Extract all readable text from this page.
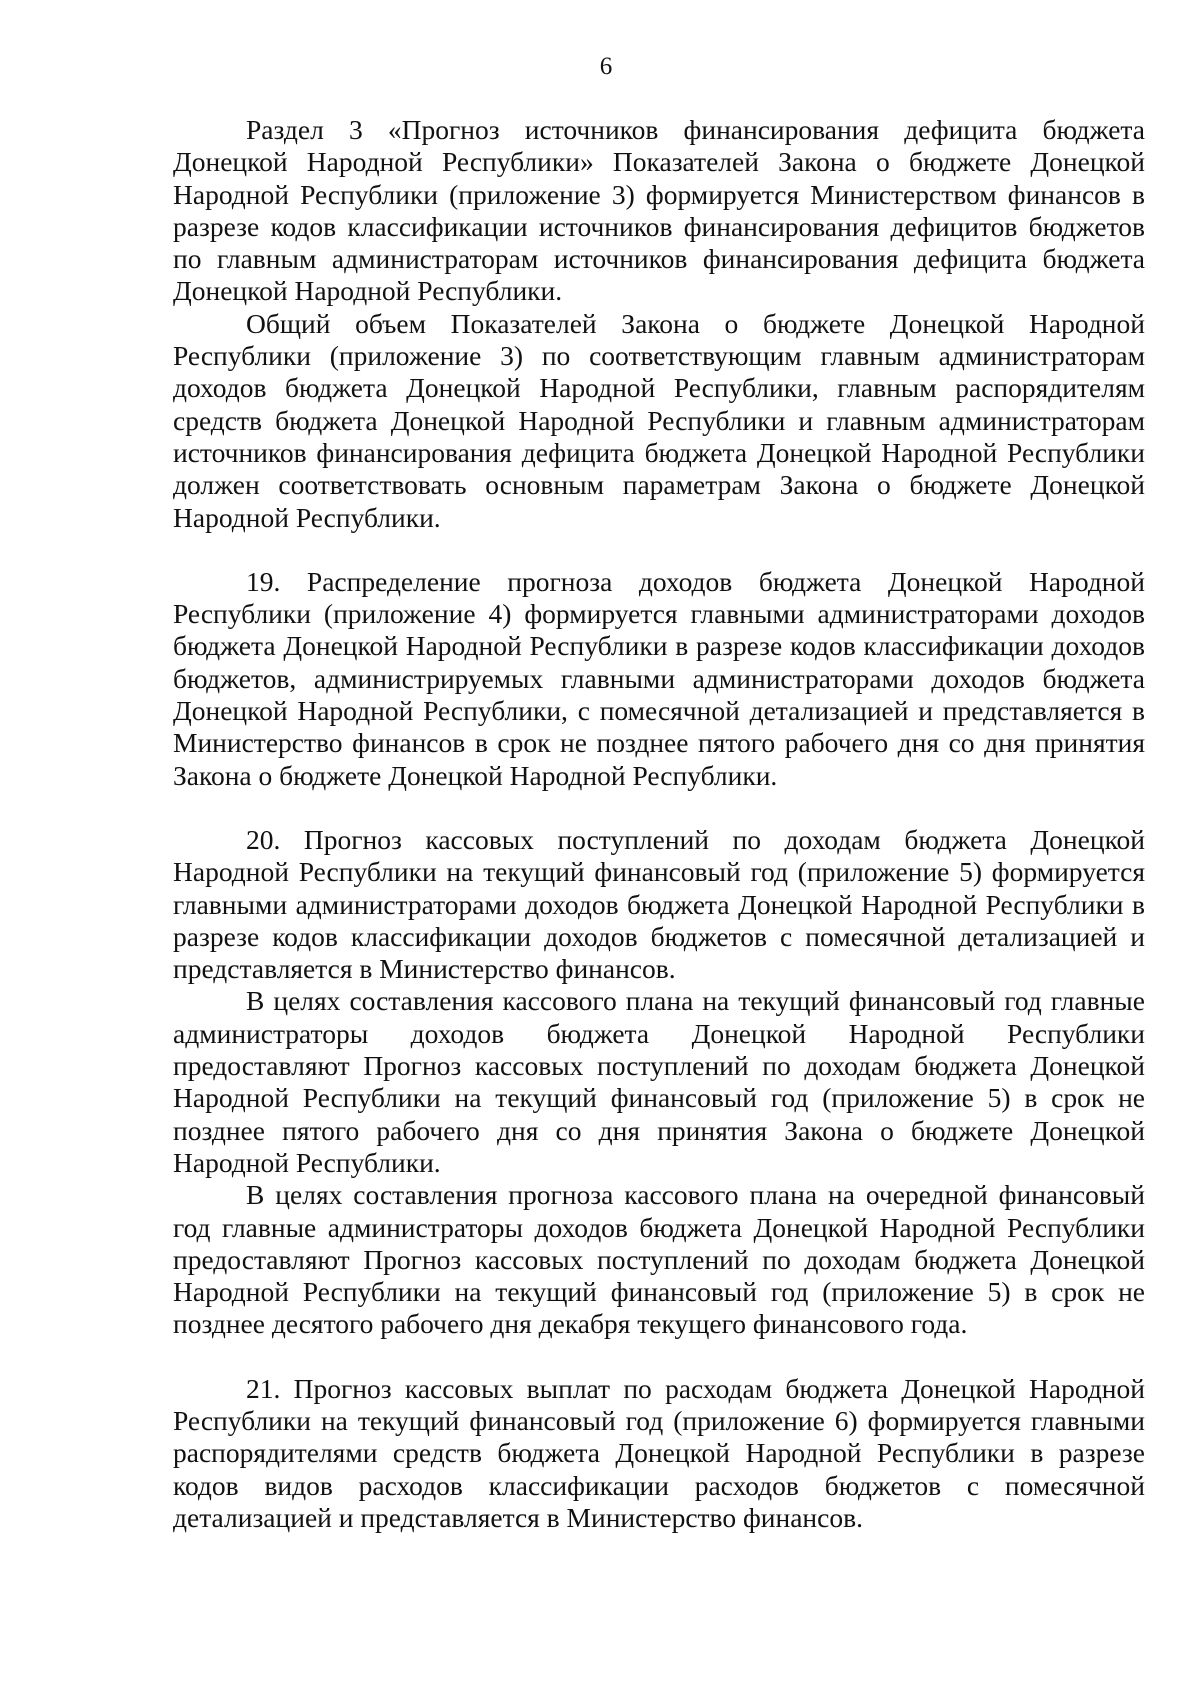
6

Раздел 3 «Прогноз источников финансирования дефицита бюджета Донецкой Народной Республики» Показателей Закона о бюджете Донецкой Народной Республики (приложение 3) формируется Министерством финансов в разрезе кодов классификации источников финансирования дефицитов бюджетов по главным администраторам источников финансирования дефицита бюджета Донецкой Народной Республики.

Общий объем Показателей Закона о бюджете Донецкой Народной Республики (приложение 3) по соответствующим главным администраторам доходов бюджета Донецкой Народной Республики, главным распорядителям средств бюджета Донецкой Народной Республики и главным администраторам источников финансирования дефицита бюджета Донецкой Народной Республики должен соответствовать основным параметрам Закона о бюджете Донецкой Народной Республики.

19. Распределение прогноза доходов бюджета Донецкой Народной Республики (приложение 4) формируется главными администраторами доходов бюджета Донецкой Народной Республики в разрезе кодов классификации доходов бюджетов, администрируемых главными администраторами доходов бюджета Донецкой Народной Республики, с помесячной детализацией и представляется в Министерство финансов в срок не позднее пятого рабочего дня со дня принятия Закона о бюджете Донецкой Народной Республики.

20. Прогноз кассовых поступлений по доходам бюджета Донецкой Народной Республики на текущий финансовый год (приложение 5) формируется главными администраторами доходов бюджета Донецкой Народной Республики в разрезе кодов классификации доходов бюджетов с помесячной детализацией и представляется в Министерство финансов.

В целях составления кассового плана на текущий финансовый год главные администраторы доходов бюджета Донецкой Народной Республики предоставляют Прогноз кассовых поступлений по доходам бюджета Донецкой Народной Республики на текущий финансовый год (приложение 5) в срок не позднее пятого рабочего дня со дня принятия Закона о бюджете Донецкой Народной Республики.

В целях составления прогноза кассового плана на очередной финансовый год главные администраторы доходов бюджета Донецкой Народной Республики предоставляют Прогноз кассовых поступлений по доходам бюджета Донецкой Народной Республики на текущий финансовый год (приложение 5) в срок не позднее десятого рабочего дня декабря текущего финансового года.

21. Прогноз кассовых выплат по расходам бюджета Донецкой Народной Республики на текущий финансовый год (приложение 6) формируется главными распорядителями средств бюджета Донецкой Народной Республики в разрезе кодов видов расходов классификации расходов бюджетов с помесячной детализацией и представляется в Министерство финансов.
